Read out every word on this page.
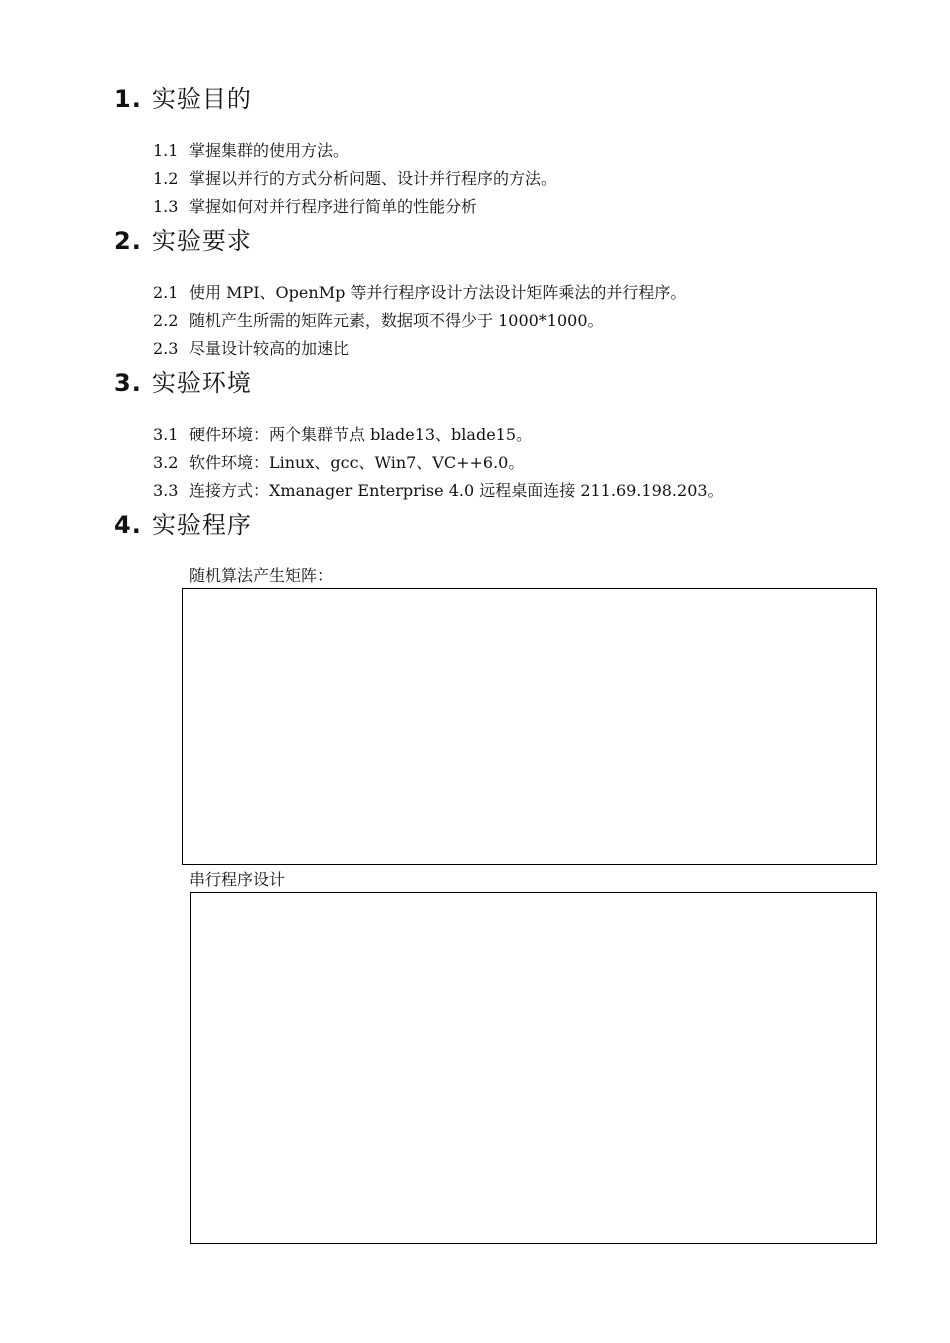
1. 实验目的
1.1 掌握集群的使用方法。
1.2 掌握以并行的方式分析问题、设计并行程序的方法。
1.3 掌握如何对并行程序进行简单的性能分析
2. 实验要求
2.1 使用 MPI、OpenMp 等并行程序设计方法设计矩阵乘法的并行程序。
2.2 随机产生所需的矩阵元素，数据项不得少于 1000*1000。
2.3 尽量设计较高的加速比
3. 实验环境
3.1 硬件环境：两个集群节点 blade13、blade15。
3.2 软件环境：Linux、gcc、Win7、VC++6.0。
3.3 连接方式：Xmanager Enterprise 4.0 远程桌面连接 211.69.198.203。
4. 实验程序
随机算法产生矩阵：
串行程序设计
